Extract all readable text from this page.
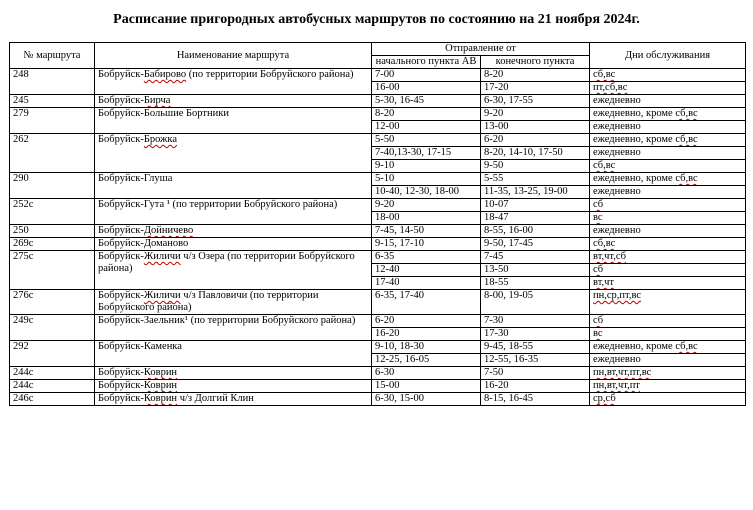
Расписание пригородных автобусных маршрутов по состоянию на 21 ноября 2024г.
№ маршрута	Наименование маршрута	Отправление от		Дни обслуживания
		начального пункта АВ	конечного пункта	
248	Бобруйск-Бабирово (по территории Бобруйского района)	7-00	8-20	сб,вс
		16-00	17-20	пт,сб,вс
245	Бобруйск-Бирча	5-30, 16-45	6-30, 17-55	ежедневно
279	Бобруйск-Большие Бортники	8-20	9-20	ежедневно, кроме сб,вс
		12-00	13-00	ежедневно
262	Бобруйск-Брожка	5-50	6-20	ежедневно, кроме сб,вс
		7-40,13-30, 17-15	8-20, 14-10, 17-50	ежедневно
		9-10	9-50	сб,вс
290	Бобруйск-Глуша	5-10	5-55	ежедневно, кроме сб,вс
		10-40, 12-30, 18-00	11-35, 13-25, 19-00	ежедневно
252с	Бобруйск-Гута ¹ (по территории Бобруйского района)	9-20	10-07	сб
		18-00	18-47	вс
250	Бобруйск-Дойничево	7-45, 14-50	8-55, 16-00	ежедневно
269с	Бобруйск-Доманово	9-15, 17-10	9-50, 17-45	сб,вс
275с	Бобруйск-Жиличи ч/з Озера (по территории Бобруйского района)	6-35	7-45	вт,чт,сб
		12-40	13-50	сб
		17-40	18-55	вт,чт
276с	Бобруйск-Жиличи ч/з Павловичи (по территории Бобруйского района)	6-35, 17-40	8-00, 19-05	пн,ср,пт,вс
249с	Бобруйск-Заельник¹ (по территории Бобруйского района)	6-20	7-30	сб
		16-20	17-30	вс
292	Бобруйск-Каменка	9-10, 18-30	9-45, 18-55	ежедневно, кроме сб,вс
		12-25, 16-05	12-55, 16-35	ежедневно
244с	Бобруйск-Коврин	6-30	7-50	пн,вт,чт,пт,вс
244с	Бобруйск-Коврин	15-00	16-20	пн,вт,чт,пт
246с	Бобруйск-Коврин ч/з Долгий Клин	6-30, 15-00	8-15, 16-45	ср,сб
